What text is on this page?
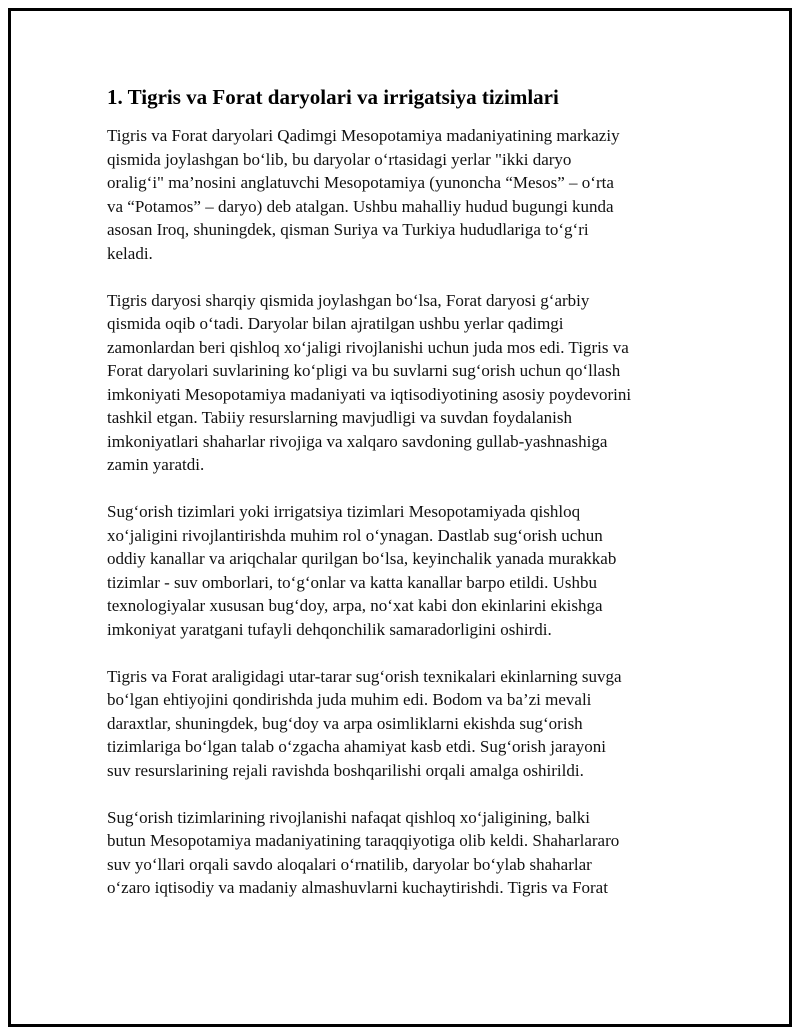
1. Tigris va Forat daryolari va irrigatsiya tizimlari

Tigris va Forat daryolari Qadimgi Mesopotamiya madaniyatining markaziy
qismida joylashgan bo‘lib, bu daryolar o‘rtasidagi yerlar "ikki daryo
oralig‘i" ma’nosini anglatuvchi Mesopotamiya (yunoncha “Mesos” – o‘rta
va “Potamos” – daryo) deb atalgan. Ushbu mahalliy hudud bugungi kunda
asosan Iroq, shuningdek, qisman Suriya va Turkiya hududlariga to‘g‘ri
keladi.

Tigris daryosi sharqiy qismida joylashgan bo‘lsa, Forat daryosi g‘arbiy
qismida oqib o‘tadi. Daryolar bilan ajratilgan ushbu yerlar qadimgi
zamonlardan beri qishloq xo‘jaligi rivojlanishi uchun juda mos edi. Tigris va
Forat daryolari suvlarining ko‘pligi va bu suvlarni sug‘orish uchun qo‘llash
imkoniyati Mesopotamiya madaniyati va iqtisodiyotining asosiy poydevorini
tashkil etgan. Tabiiy resurslarning mavjudligi va suvdan foydalanish
imkoniyatlari shaharlar rivojiga va xalqaro savdoning gullab-yashnashiga
zamin yaratdi.

Sug‘orish tizimlari yoki irrigatsiya tizimlari Mesopotamiyada qishloq
xo‘jaligini rivojlantirishda muhim rol o‘ynagan. Dastlab sug‘orish uchun
oddiy kanallar va ariqchalar qurilgan bo‘lsa, keyinchalik yanada murakkab
tizimlar - suv omborlari, to‘g‘onlar va katta kanallar barpo etildi. Ushbu
texnologiyalar xususan bug‘doy, arpa, no‘xat kabi don ekinlarini ekishga
imkoniyat yaratgani tufayli dehqonchilik samaradorligini oshirdi.

Tigris va Forat araligidagi utar-tarar sug‘orish texnikalari ekinlarning suvga
bo‘lgan ehtiyojini qondirishda juda muhim edi. Bodom va ba’zi mevali
daraxtlar, shuningdek, bug‘doy va arpa osimliklarni ekishda sug‘orish
tizimlariga bo‘lgan talab o‘zgacha ahamiyat kasb etdi. Sug‘orish jarayoni
suv resurslarining rejali ravishda boshqarilishi orqali amalga oshirildi.

Sug‘orish tizimlarining rivojlanishi nafaqat qishloq xo‘jaligining, balki
butun Mesopotamiya madaniyatining taraqqiyotiga olib keldi. Shaharlararo
suv yo‘llari orqali savdo aloqalari o‘rnatilib, daryolar bo‘ylab shaharlar
o‘zaro iqtisodiy va madaniy almashuvlarni kuchaytirishdi. Tigris va Forat
